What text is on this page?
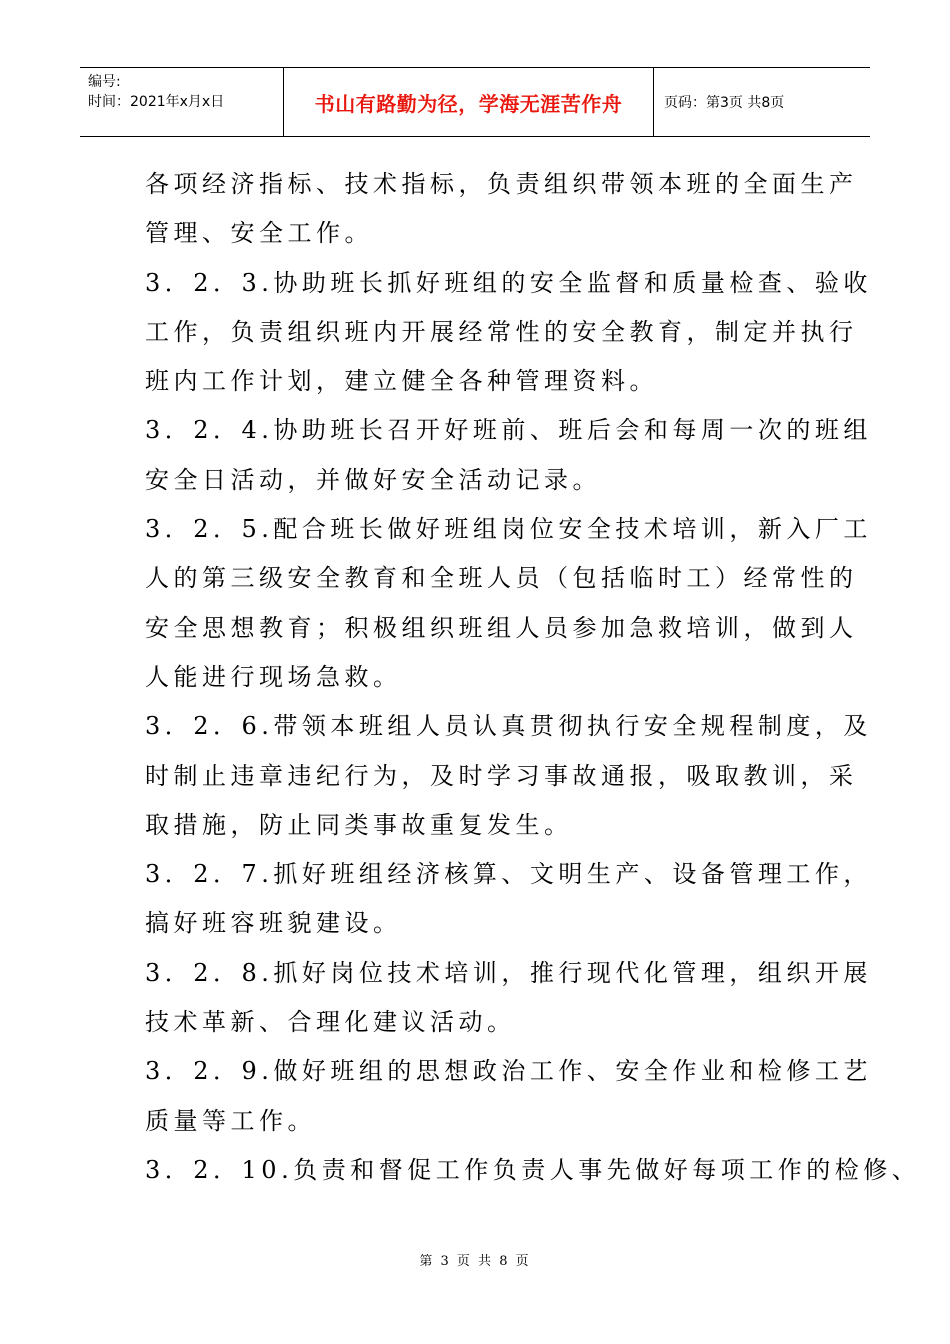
编号:
时间：2021年x月x日	书山有路勤为径，学海无涯苦作舟	页码：第3页 共8页
各项经济指标、技术指标，负责组织带领本班的全面生产
管理、安全工作。
3．2．3.协助班长抓好班组的安全监督和质量检查、验收
工作，负责组织班内开展经常性的安全教育，制定并执行
班内工作计划，建立健全各种管理资料。
3．2．4.协助班长召开好班前、班后会和每周一次的班组
安全日活动，并做好安全活动记录。
3．2．5.配合班长做好班组岗位安全技术培训，新入厂工
人的第三级安全教育和全班人员（包括临时工）经常性的
安全思想教育；积极组织班组人员参加急救培训，做到人
人能进行现场急救。
3．2．6.带领本班组人员认真贯彻执行安全规程制度，及
时制止违章违纪行为，及时学习事故通报，吸取教训，采
取措施，防止同类事故重复发生。
3．2．7.抓好班组经济核算、文明生产、设备管理工作，
搞好班容班貌建设。
3．2．8.抓好岗位技术培训，推行现代化管理，组织开展
技术革新、合理化建议活动。
3．2．9.做好班组的思想政治工作、安全作业和检修工艺
质量等工作。
3．2．10.负责和督促工作负责人事先做好每项工作的检修、
第 3 页 共 8 页
